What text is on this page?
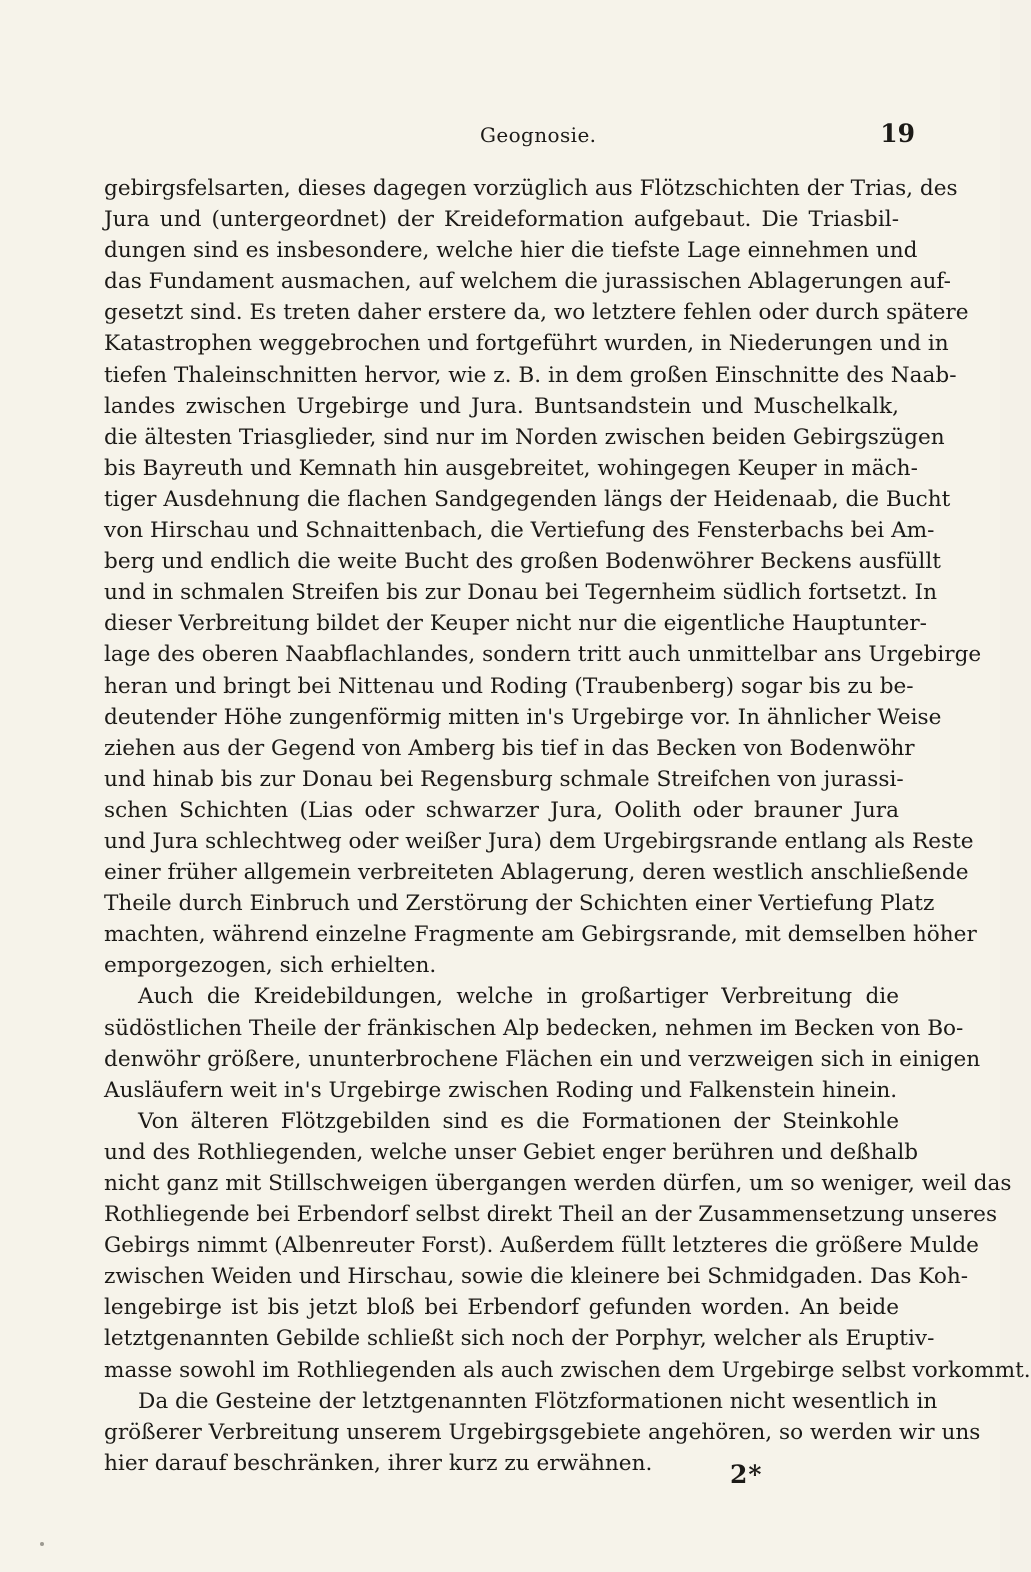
Geognosie.	19
gebirgsfelsarten, dieses dagegen vorzüglich aus Flötzschichten der Trias, des
Jura und (untergeordnet) der Kreideformation aufgebaut. Die Triasbil-
dungen sind es insbesondere, welche hier die tiefste Lage einnehmen und
das Fundament ausmachen, auf welchem die jurassischen Ablagerungen auf-
gesetzt sind. Es treten daher erstere da, wo letztere fehlen oder durch spätere
Katastrophen weggebrochen und fortgeführt wurden, in Niederungen und in
tiefen Thaleinschnitten hervor, wie z. B. in dem großen Einschnitte des Naab-
landes zwischen Urgebirge und Jura. Buntsandstein und Muschelkalk,
die ältesten Triasglieder, sind nur im Norden zwischen beiden Gebirgszügen
bis Bayreuth und Kemnath hin ausgebreitet, wohingegen Keuper in mäch-
tiger Ausdehnung die flachen Sandgegenden längs der Heidenaab, die Bucht
von Hirschau und Schnaittenbach, die Vertiefung des Fensterbachs bei Am-
berg und endlich die weite Bucht des großen Bodenwöhrer Beckens ausfüllt
und in schmalen Streifen bis zur Donau bei Tegernheim südlich fortsetzt. In
dieser Verbreitung bildet der Keuper nicht nur die eigentliche Hauptunter-
lage des oberen Naabflachlandes, sondern tritt auch unmittelbar ans Urgebirge
heran und bringt bei Nittenau und Roding (Traubenberg) sogar bis zu be-
deutender Höhe zungenförmig mitten in's Urgebirge vor. In ähnlicher Weise
ziehen aus der Gegend von Amberg bis tief in das Becken von Bodenwöhr
und hinab bis zur Donau bei Regensburg schmale Streifchen von jurassi-
schen Schichten (Lias oder schwarzer Jura, Oolith oder brauner Jura
und Jura schlechtweg oder weißer Jura) dem Urgebirgsrande entlang als Reste
einer früher allgemein verbreiteten Ablagerung, deren westlich anschließende
Theile durch Einbruch und Zerstörung der Schichten einer Vertiefung Platz
machten, während einzelne Fragmente am Gebirgsrande, mit demselben höher
emporgezogen, sich erhielten.
Auch die Kreidebildungen, welche in großartiger Verbreitung die
südöstlichen Theile der fränkischen Alp bedecken, nehmen im Becken von Bo-
denwöhr größere, ununterbrochene Flächen ein und verzweigen sich in einigen
Ausläufern weit in's Urgebirge zwischen Roding und Falkenstein hinein.
Von älteren Flötzgebilden sind es die Formationen der Steinkohle
und des Rothliegenden, welche unser Gebiet enger berühren und deßhalb
nicht ganz mit Stillschweigen übergangen werden dürfen, um so weniger, weil das
Rothliegende bei Erbendorf selbst direkt Theil an der Zusammensetzung unseres
Gebirgs nimmt (Albenreuter Forst). Außerdem füllt letzteres die größere Mulde
zwischen Weiden und Hirschau, sowie die kleinere bei Schmidgaden. Das Koh-
lengebirge ist bis jetzt bloß bei Erbendorf gefunden worden. An beide
letztgenannten Gebilde schließt sich noch der Porphyr, welcher als Eruptiv-
masse sowohl im Rothliegenden als auch zwischen dem Urgebirge selbst vorkommt.
Da die Gesteine der letztgenannten Flötzformationen nicht wesentlich in
größerer Verbreitung unserem Urgebirgsgebiete angehören, so werden wir uns
hier darauf beschränken, ihrer kurz zu erwähnen.	2*
